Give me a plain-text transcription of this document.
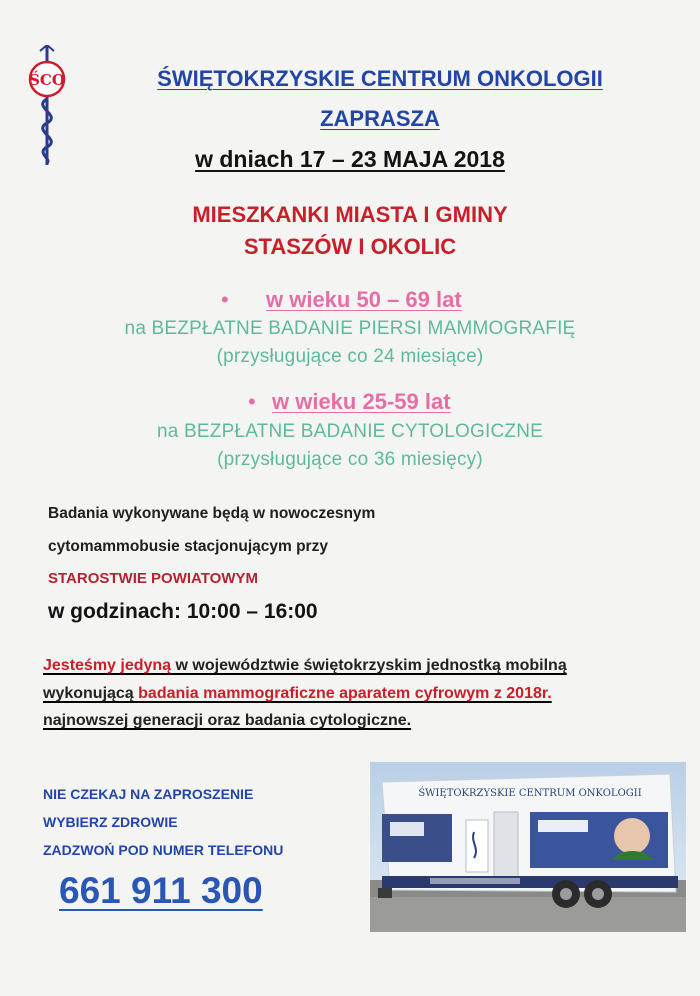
ŚCO	ŚWIĘTOKRZYSKIE CENTRUM ONKOLOGII
ZAPRASZA
w dniach 17 – 23 MAJA 2018
MIESZKANKI MIASTA I GMINY
STASZÓW I OKOLIC
• w wieku 50 – 69 lat
na BEZPŁATNE BADANIE PIERSI MAMMOGRAFIĘ
(przysługujące co 24 miesiące)
• w wieku 25-59 lat
na BEZPŁATNE BADANIE CYTOLOGICZNE
(przysługujące co 36 miesięcy)
Badania wykonywane będą w nowoczesnym
cytomammobusie stacjonującym przy
STAROSTWIE POWIATOWYM
w godzinach: 10:00 – 16:00
Jesteśmy jedyną w województwie świętokrzyskim jednostką mobilną
wykonującą badania mammograficzne aparatem cyfrowym z 2018r.
najnowszej generacji oraz badania cytologiczne.
NIE CZEKAJ NA ZAPROSZENIE
WYBIERZ ZDROWIE
ZADZWOŃ POD NUMER TELEFONU
661 911 300
ŚWIĘTOKRZYSKIE CENTRUM ONKOLOGII
